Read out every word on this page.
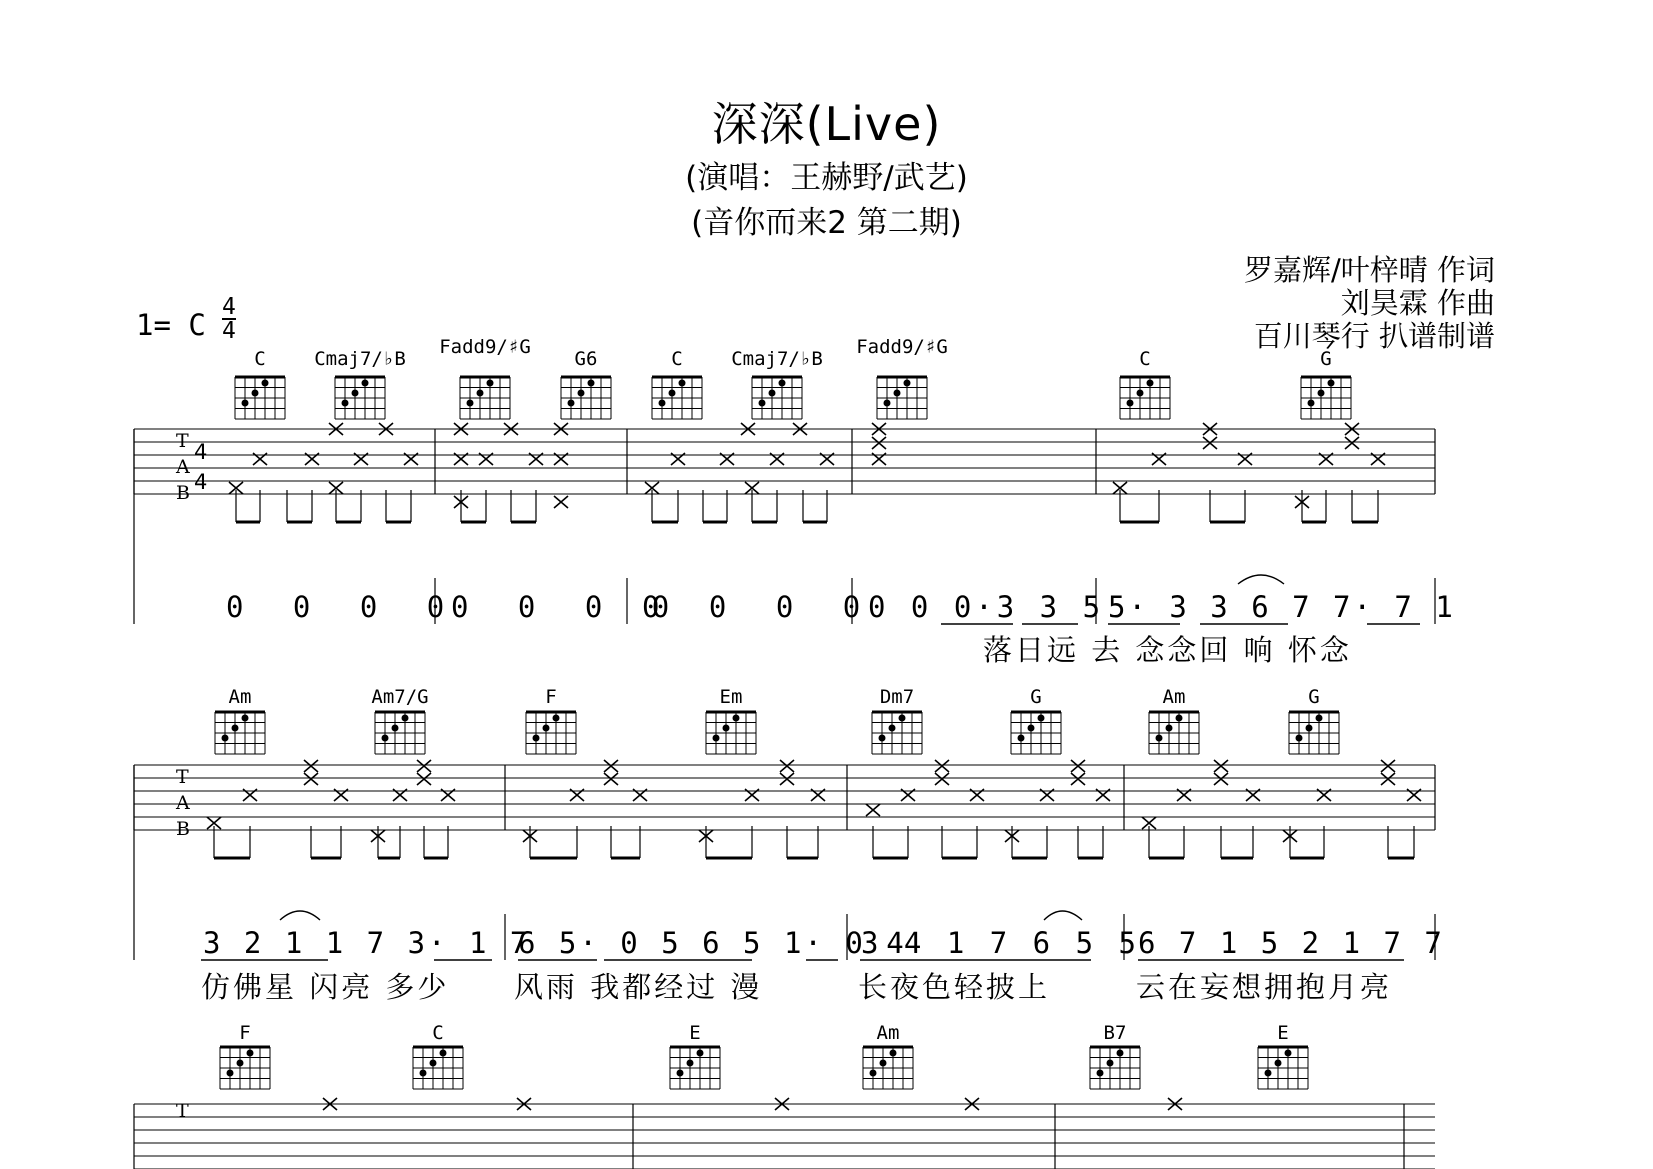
深深(Live)
(演唱：王赫野/武艺)
(音你而来2 第二期)
罗嘉辉/叶梓晴 作词
刘昊霖 作曲
百川琴行 扒谱制谱
1= C
4
4
C	Cmaj7/♭B
Fadd9/♯G
G6	C	Cmaj7/♭B
Fadd9/♯G
C	G
Am	Am7/G	F	Em	Dm7	G	Am	G
F	C	E	Am	B7	E
T
A
B
4
4
T
A
B
T
0 0 0 0
0 0 0 0
0 0 0 0
0 0 0·3 3 5 5· 3 3 6 7 7· 7 1
落日远 去 念念回 响 怀念
3 2 1 1 7 3· 1 7
6 5· 0 5 6 5 1· 0 4
3 4 1 7 6 5 5
6 7 1 5 2 1 7 7
仿佛星 闪亮 多少 风雨 我都经过 漫	长夜色轻披上	云在妄想拥抱月亮
